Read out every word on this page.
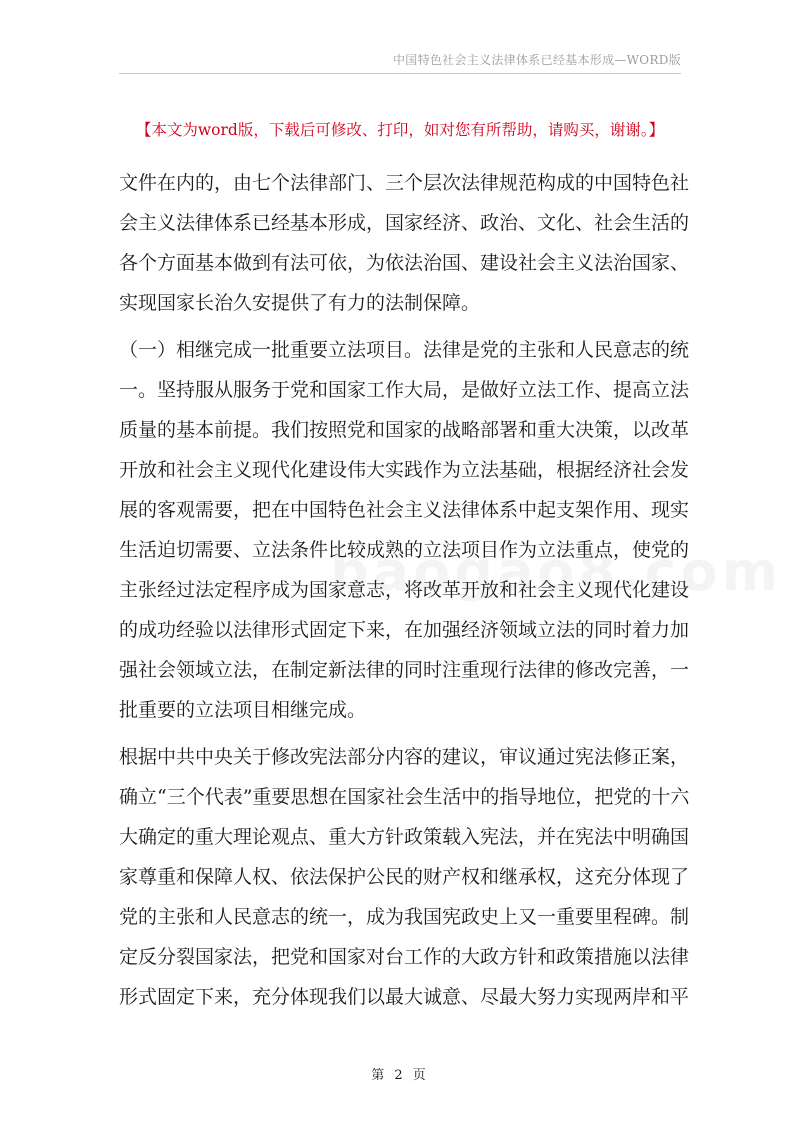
中国特色社会主义法律体系已经基本形成—WORD版
【本文为word版，下载后可修改、打印，如对您有所帮助，请购买，谢谢。】
文件在内的，由七个法律部门、三个层次法律规范构成的中国特色社
会主义法律体系已经基本形成，国家经济、政治、文化、社会生活的
各个方面基本做到有法可依，为依法治国、建设社会主义法治国家、
实现国家长治久安提供了有力的法制保障。
（一）相继完成一批重要立法项目。法律是党的主张和人民意志的统
一。坚持服从服务于党和国家工作大局，是做好立法工作、提高立法
质量的基本前提。我们按照党和国家的战略部署和重大决策，以改革
开放和社会主义现代化建设伟大实践作为立法基础，根据经济社会发
展的客观需要，把在中国特色社会主义法律体系中起支架作用、现实
生活迫切需要、立法条件比较成熟的立法项目作为立法重点，使党的
主张经过法定程序成为国家意志，将改革开放和社会主义现代化建设
的成功经验以法律形式固定下来，在加强经济领域立法的同时着力加
强社会领域立法，在制定新法律的同时注重现行法律的修改完善，一
批重要的立法项目相继完成。
根据中共中央关于修改宪法部分内容的建议，审议通过宪法修正案，
确立“三个代表”重要思想在国家社会生活中的指导地位，把党的十六
大确定的重大理论观点、重大方针政策载入宪法，并在宪法中明确国
家尊重和保障人权、依法保护公民的财产权和继承权，这充分体现了
党的主张和人民意志的统一，成为我国宪政史上又一重要里程碑。制
定反分裂国家法，把党和国家对台工作的大政方针和政策措施以法律
形式固定下来，充分体现我们以最大诚意、尽最大努力实现两岸和平
第 2 页
